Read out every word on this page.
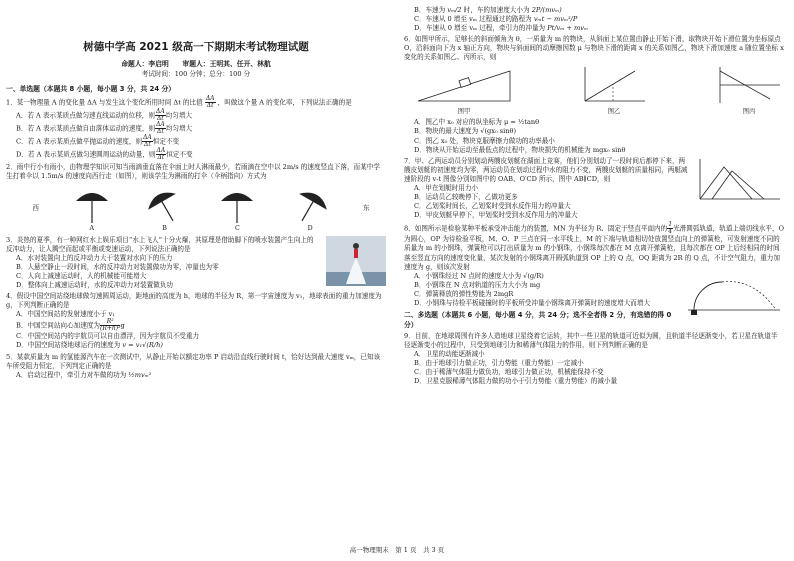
树德中学高 2021 级高一下期期末考试物理试题
命题人：李启明　　审题人：王明其、任开、林航
考试时间：100 分钟；总分：100 分
一、单选题（本题共 8 小题，每小题 3 分，共 24 分）
1．某一物理量 A 的变化量 ΔA 与发生这个变化所用时间 Δt 的比值 $\frac{\Delta A}{\Delta t}$ ，叫做这个量 A 的变化率，下列说法正确的是
A．若 A 表示某质点做匀速直线运动的位移，则 $\frac{\Delta A}{\Delta t}$ 均匀增大
B．若 A 表示某质点做自由落体运动的速度，则 $\frac{\Delta A}{\Delta t}$ 均匀增大
C．若 A 表示某质点做平抛运动的速度，则 $\frac{\Delta A}{\Delta t}$ 恒定不变
D．若 A 表示某质点做匀速圆周运动的动量，则 $\frac{\Delta A}{\Delta t}$ 恒定不变
2．雨中行小有雨小，由物理学知识可知当雨滴垂直落在伞面上时人淋雨最少，若雨滴在空中以 2m/s 的速度竖直下落，而某中学生打着伞以 1.5m/s 的速度向西行走（如图），则该学生为淋雨的打伞（伞柄指向）方式为
西
A	B	C	D
东
3．炎热的夏季，有一种网红水上娱乐项目“水上飞人”十分火爆，其原理是借助脚下的喷水装置产生向上的反冲动力，让人腾空而起或平衡或变速运动，下列说法正确的是
A．水对装置向上的反冲动力大于装置对水向下的压力
B．人悬空静止一段时间，水的反冲动力对装置做功为零，冲量也为零
C．人向上减速运动时，人的机械能可能增大
D．整体向上减速运动时，水的反冲动力对装置做负功
4．假设中国空间站绕地球做匀速圆周运动，距地面的高度为 h，地球的半径为 R，第一宇宙速度为 v₁，地球表面的重力加速度为 g，下列判断正确的是
A．中国空间站的发射速度小于 v₁
B．中国空间站向心加速度为 $\frac{\text{R²}}{\text{(R+h)²}}$ g
C．中国空间站内的宇航员可以自由漂浮，因为宇航员不受重力
D．中国空间站绕地球运行的速度为 v = v₁√(R/h)
5．某款质量为 m 的氢能源汽车在一次测试中，从静止开始以额定功率 P 启动沿直线行驶时间 t，恰好达到最大速度 vₘ，已知该车所受阻力恒定，下列判定正确的是
A．启动过程中，牵引力对车做的功为 ½mvₘ²
B．车速为 vₘ/2 时，车的加速度大小为 2P/(mvₘ)
C．车速从 0 增至 vₘ 过程通过的路程为 vₘt − mvₘ³/P
D．车速从 0 增至 vₘ 过程，牵引力的冲量为 Pt/vₘ + mvₘ
6．如图甲所示，足够长的斜面倾角为 θ，一质量为 m 的物块，从斜面上某位置由静止开始下滑，取物块开始下滑位置为坐标原点 O，沿斜面向下为 x 轴正方向，物块与斜面间的动摩擦因数 μ 与物块下滑的距离 x 的关系如图乙，物块下滑加速度 a 随位置坐标 x 变化的关系如图乙、丙所示，则
图甲	图乙	图丙
A．图乙中 x₀ 对应的纵坐标为 μ = ½tanθ
B．物块的最大速度为 √(gx₀ sinθ)
C．图乙 x₀ 处，物块克服摩擦力做功的功率最小
D．物块从开始运动至最低点的过程中，物块损失的机械能为 mgx₀ sinθ
7．甲、乙两运动员分别划动两艘皮划艇在湖面上竞赛，他们分别划动了一段时间后都停下来，两艘皮划艇的初速度均为零，两运动员在划动过程中水的阻力不变，两艘皮划艇的质量相同，两艇减速阶段的 v-t 图像分别如图中的 OAB、O′CD 所示，图中 AB∥CD，则
A．甲在划艇时用力小
B．运动员乙较晚停下，乙做功更多
C．乙划桨时间长，乙划桨时受到水反作用力的冲量大
D．甲皮划艇早停下，甲划桨时受到水反作用力的冲量大
8．如图所示是检验某种平板承受冲击能力的装置，MN 为半径为 R、固定于竖直平面内的 $\frac{1}{4}$ 光滑圆弧轨道，轨道上端切线水平，O 为圆心，OP 为待检验平板，M、O、P 三点在同一水平线上，M 的下端与轨道相切处放置竖直向上的弹簧枪，可发射速度不同的质量为 m 的小钢珠，弹簧枪可以打出质量为 m 的小钢珠，小钢珠每次都在 M 点离开弹簧枪，且每次都在 OP 上后经相同的时间落至竖直方向的速度变化量，某次发射的小钢珠离开圆弧轨道到 OP 上的 Q 点，OQ 距离为 2R 的 Q 点，不计空气阻力，重力加速度为 g，则该次发射
A．小钢珠经过 N 点时的速度大小为 √(g/R)
B．小钢珠在 N 点对轨道的压力大小为 mg
C．弹簧释放的弹性势能为 2mgR
D．小钢珠与待检平板碰撞时的平板所受冲量小钢珠离开弹簧时的速度增大而增大
二、多选题（本题共 6 小题，每小题 4 分，共 24 分；选不全者得 2 分，有选错的得 0 分）
9．目前，在地球周围有许多人造地球卫星绕着它运转，其中一些卫星的轨道可近似为圆，且轨道半径逐渐变小，若卫星在轨道半径逐渐变小的过程中，只受到地球引力和稀薄气体阻力的作用，则下列判断正确的是
A．卫星的动能逐渐减小
B．由于地球引力做正功，引力势能（重力势能）一定减小
C．由于稀薄气体阻力做负功，地球引力做正功，机械能保持不变
D．卫星克服稀薄气体阻力做的功小于引力势能（重力势能）的减小量
高一物理期末　第 1 页　共 3 页
